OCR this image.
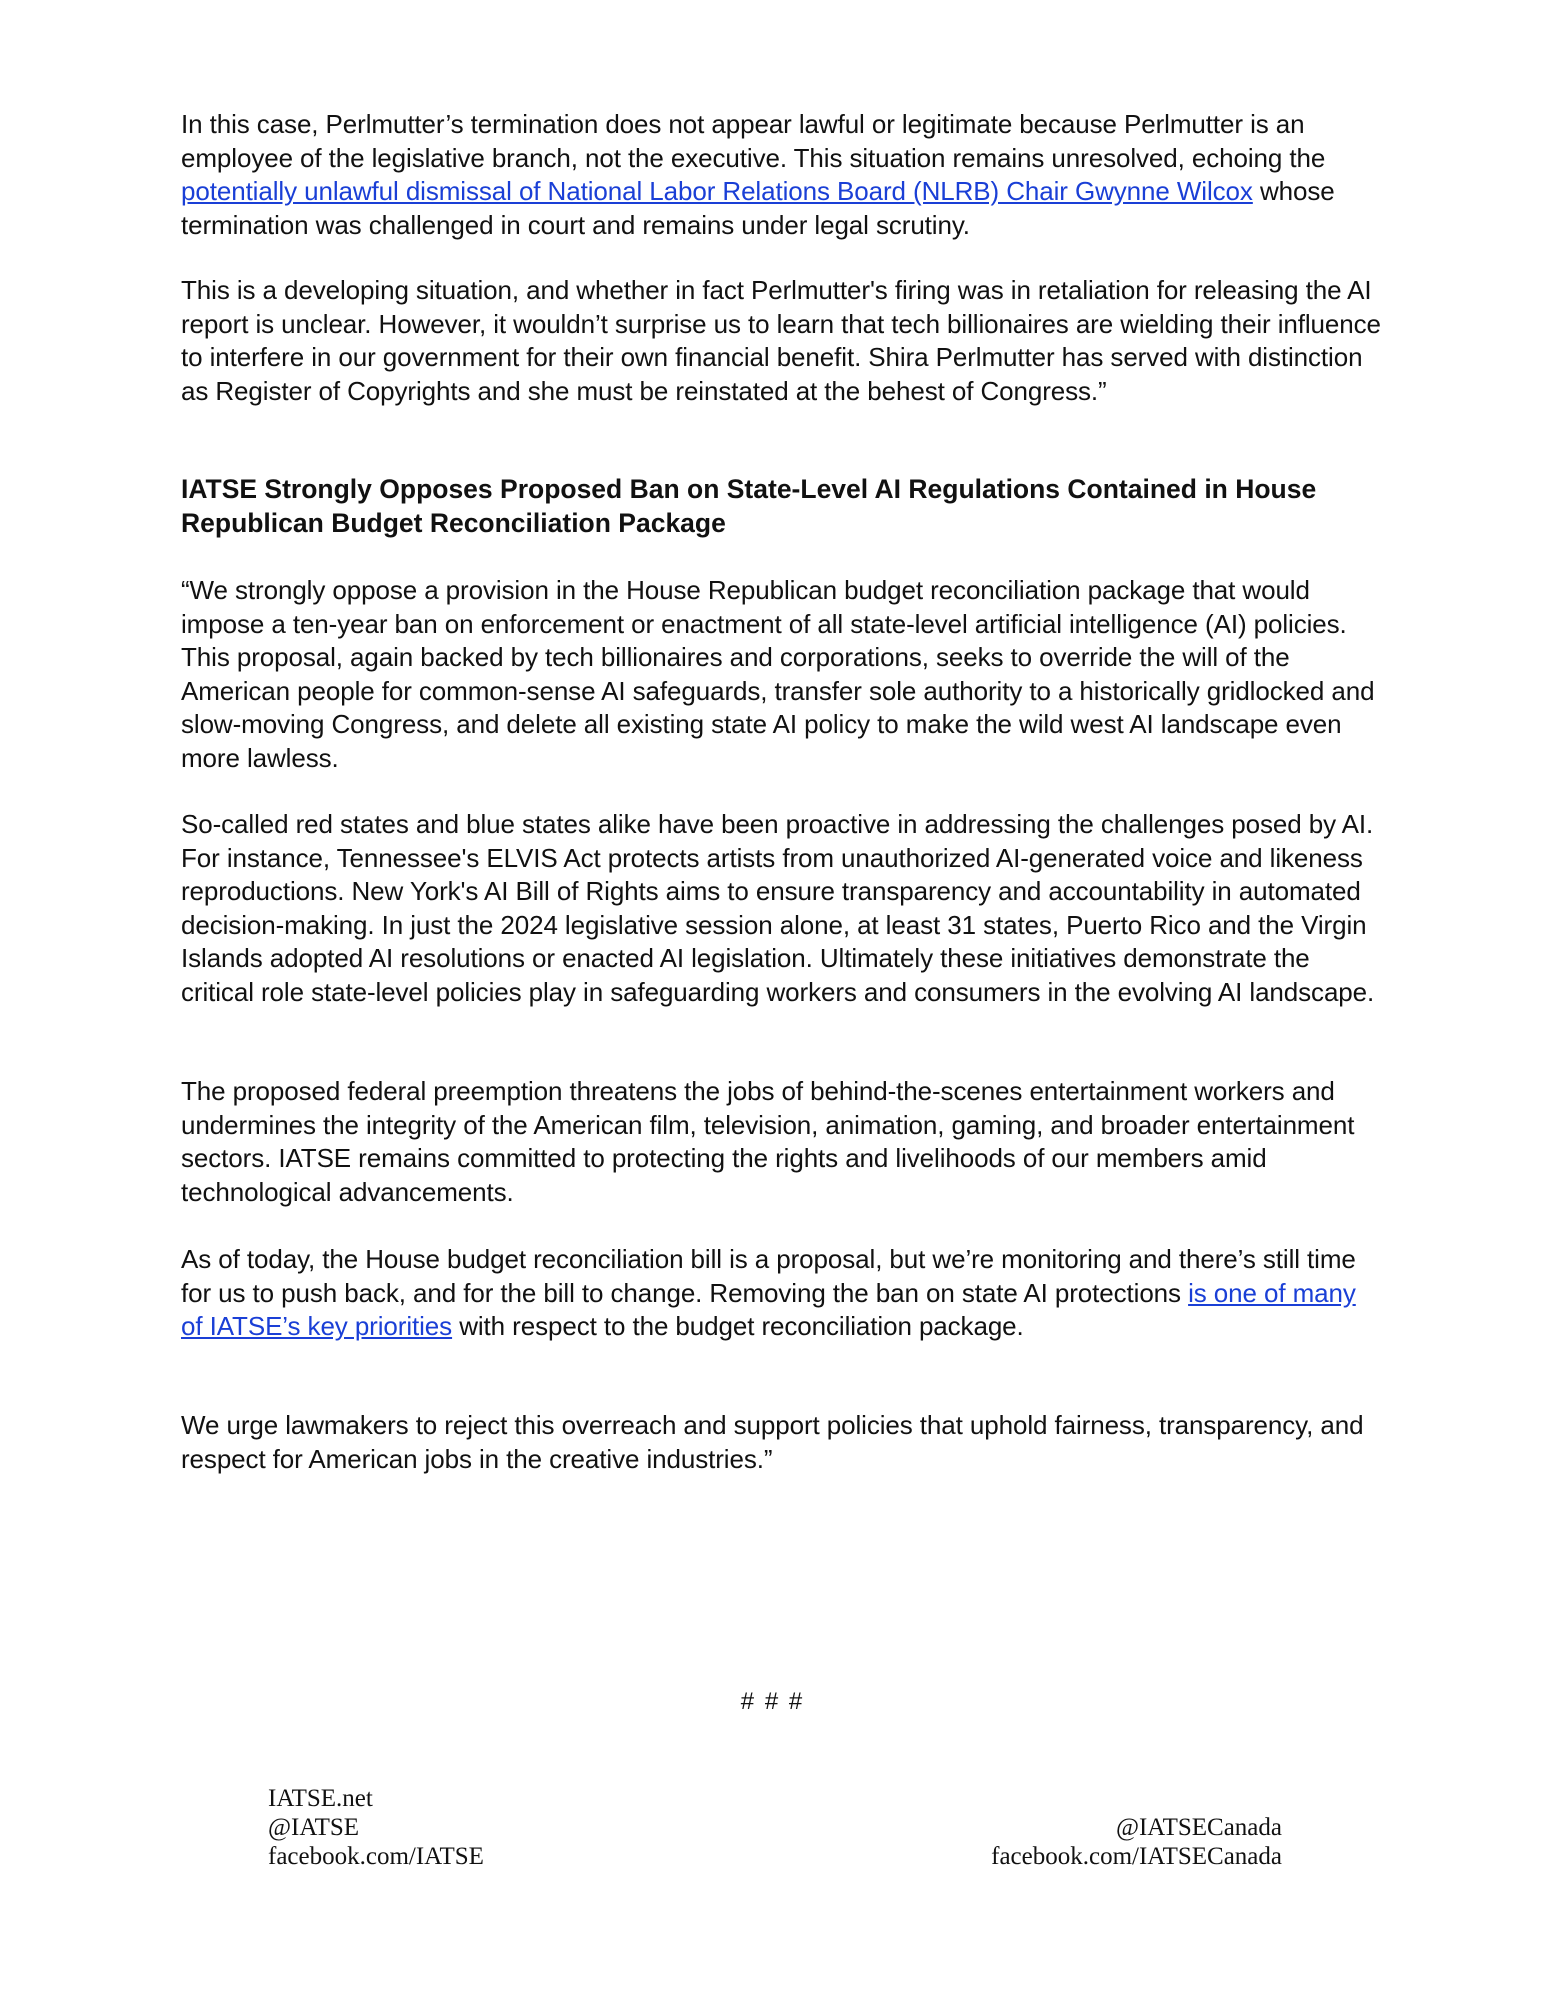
In this case, Perlmutter’s termination does not appear lawful or legitimate because Perlmutter is an employee of the legislative branch, not the executive. This situation remains unresolved, echoing the potentially unlawful dismissal of National Labor Relations Board (NLRB) Chair Gwynne Wilcox whose termination was challenged in court and remains under legal scrutiny.

This is a developing situation, and whether in fact Perlmutter's firing was in retaliation for releasing the AI report is unclear. However, it wouldn’t surprise us to learn that tech billionaires are wielding their influence to interfere in our government for their own financial benefit. Shira Perlmutter has served with distinction as Register of Copyrights and she must be reinstated at the behest of Congress.”

IATSE Strongly Opposes Proposed Ban on State-Level AI Regulations Contained in House Republican Budget Reconciliation Package

“We strongly oppose a provision in the House Republican budget reconciliation package that would impose a ten-year ban on enforcement or enactment of all state-level artificial intelligence (AI) policies. This proposal, again backed by tech billionaires and corporations, seeks to override the will of the American people for common-sense AI safeguards, transfer sole authority to a historically gridlocked and slow-moving Congress, and delete all existing state AI policy to make the wild west AI landscape even more lawless.

So-called red states and blue states alike have been proactive in addressing the challenges posed by AI. For instance, Tennessee's ELVIS Act protects artists from unauthorized AI-generated voice and likeness reproductions. New York's AI Bill of Rights aims to ensure transparency and accountability in automated decision-making. In just the 2024 legislative session alone, at least 31 states, Puerto Rico and the Virgin Islands adopted AI resolutions or enacted AI legislation. Ultimately these initiatives demonstrate the critical role state-level policies play in safeguarding workers and consumers in the evolving AI landscape.

The proposed federal preemption threatens the jobs of behind-the-scenes entertainment workers and undermines the integrity of the American film, television, animation, gaming, and broader entertainment sectors. IATSE remains committed to protecting the rights and livelihoods of our members amid technological advancements.

As of today, the House budget reconciliation bill is a proposal, but we’re monitoring and there’s still time for us to push back, and for the bill to change. Removing the ban on state AI protections is one of many of IATSE’s key priorities with respect to the budget reconciliation package.

We urge lawmakers to reject this overreach and support policies that uphold fairness, transparency, and respect for American jobs in the creative industries.”

# # #
IATSE.net
@IATSE
facebook.com/IATSE
@IATSECanada
facebook.com/IATSECanada
